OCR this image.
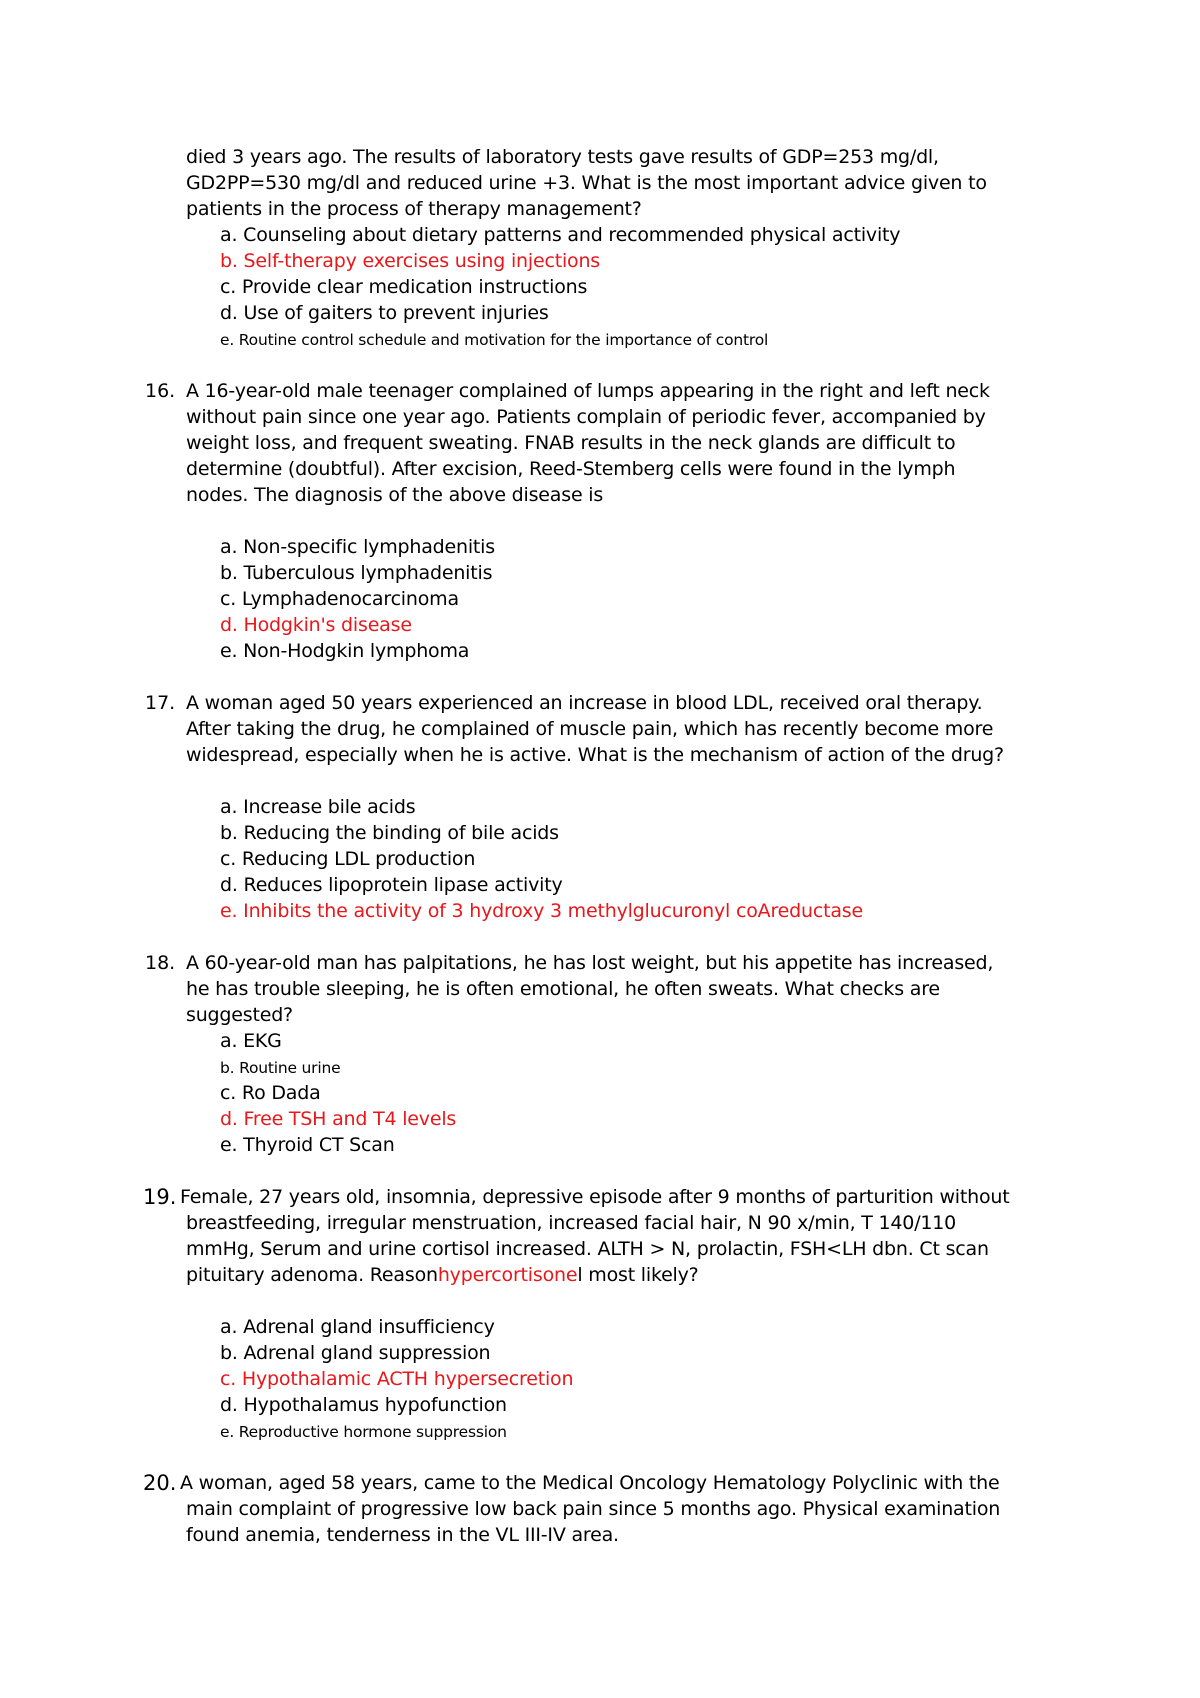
died 3 years ago. The results of laboratory tests gave results of GDP=253 mg/dl,
GD2PP=530 mg/dl and reduced urine +3. What is the most important advice given to
patients in the process of therapy management?
a. Counseling about dietary patterns and recommended physical activity
b. Self-therapy exercises using injections
c. Provide clear medication instructions
d. Use of gaiters to prevent injuries
e. Routine control schedule and motivation for the importance of control
16. A 16-year-old male teenager complained of lumps appearing in the right and left neck
without pain since one year ago. Patients complain of periodic fever, accompanied by
weight loss, and frequent sweating. FNAB results in the neck glands are difficult to
determine (doubtful). After excision, Reed-Stemberg cells were found in the lymph
nodes. The diagnosis of the above disease is
a. Non-specific lymphadenitis
b. Tuberculous lymphadenitis
c. Lymphadenocarcinoma
d. Hodgkin's disease
e. Non-Hodgkin lymphoma
17. A woman aged 50 years experienced an increase in blood LDL, received oral therapy.
After taking the drug, he complained of muscle pain, which has recently become more
widespread, especially when he is active. What is the mechanism of action of the drug?
a. Increase bile acids
b. Reducing the binding of bile acids
c. Reducing LDL production
d. Reduces lipoprotein lipase activity
e. Inhibits the activity of 3 hydroxy 3 methylglucuronyl coAreductase
18. A 60-year-old man has palpitations, he has lost weight, but his appetite has increased,
he has trouble sleeping, he is often emotional, he often sweats. What checks are
suggested?
a. EKG
b. Routine urine
c. Ro Dada
d. Free TSH and T4 levels
e. Thyroid CT Scan
19. Female, 27 years old, insomnia, depressive episode after 9 months of parturition without
breastfeeding, irregular menstruation, increased facial hair, N 90 x/min, T 140/110
mmHg, Serum and urine cortisol increased. ALTH > N, prolactin, FSH<LH dbn. Ct scan
pituitary adenoma. Reasonhypercortisonel most likely?
a. Adrenal gland insufficiency
b. Adrenal gland suppression
c. Hypothalamic ACTH hypersecretion
d. Hypothalamus hypofunction
e. Reproductive hormone suppression
20. A woman, aged 58 years, came to the Medical Oncology Hematology Polyclinic with the
main complaint of progressive low back pain since 5 months ago. Physical examination
found anemia, tenderness in the VL III-IV area.
